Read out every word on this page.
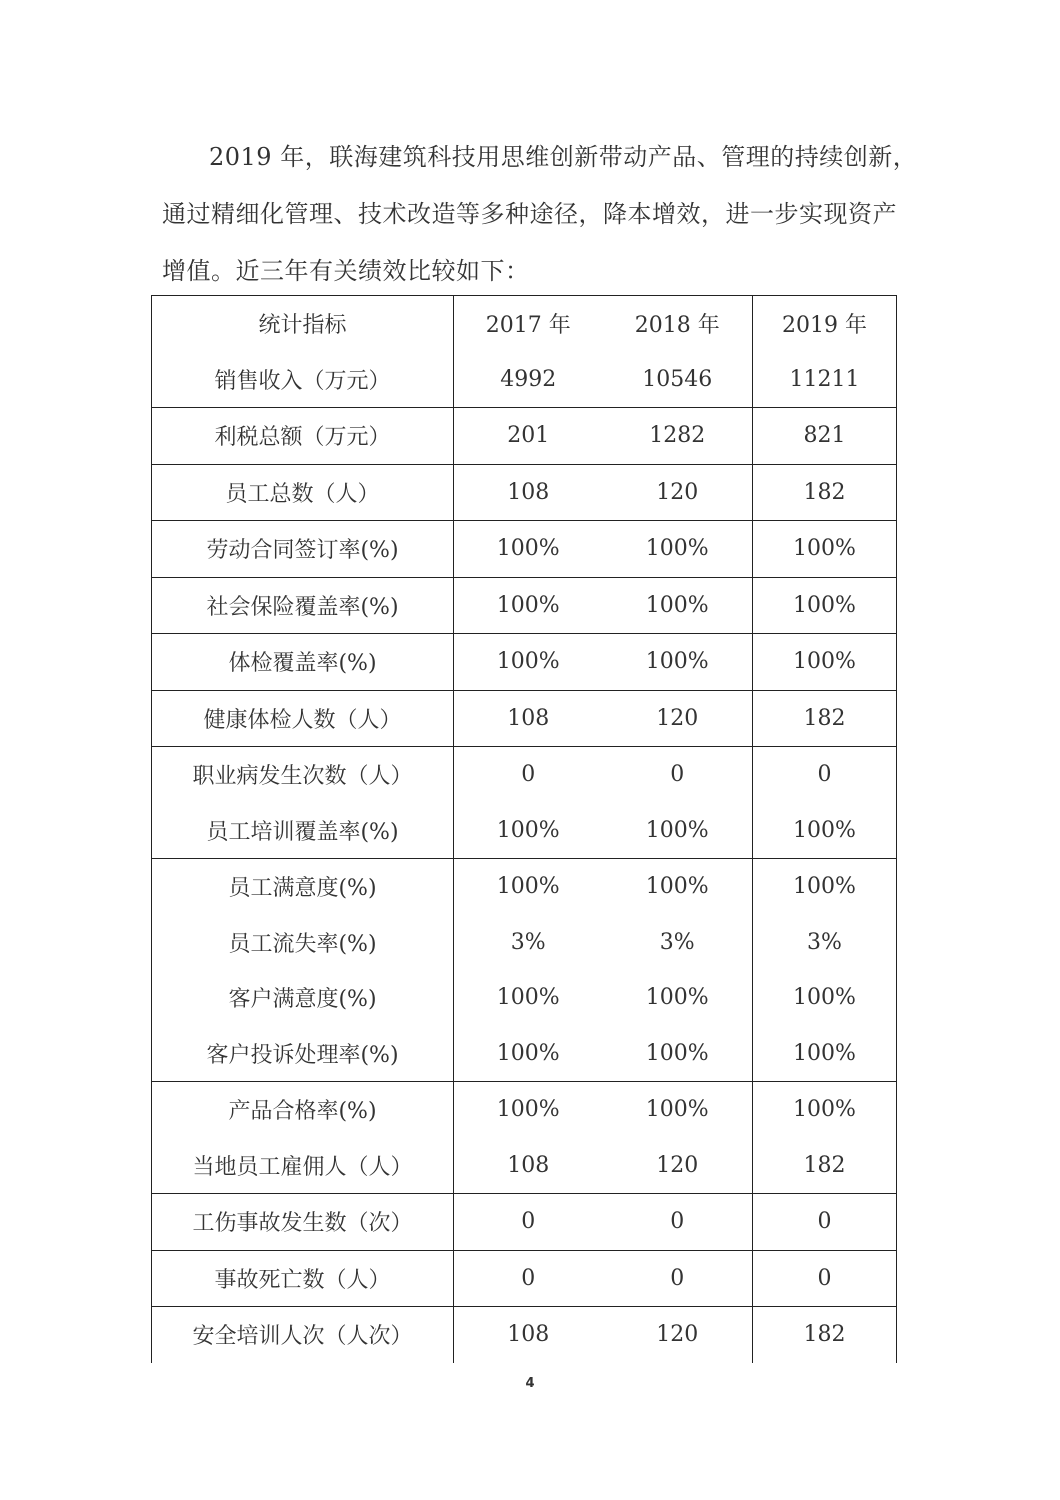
2019 年，联海建筑科技用思维创新带动产品、管理的持续创新，
通过精细化管理、技术改造等多种途径，降本增效，进一步实现资产
增值。近三年有关绩效比较如下：
统计指标	2017 年	2018 年	2019 年
销售收入（万元）	4992	10546	11211
利税总额（万元）	201	1282	821
员工总数（人）	108	120	182
劳动合同签订率(%)	100%	100%	100%
社会保险覆盖率(%)	100%	100%	100%
体检覆盖率(%)	100%	100%	100%
健康体检人数（人）	108	120	182
职业病发生次数（人）	0	0	0
员工培训覆盖率(%)	100%	100%	100%
员工满意度(%)	100%	100%	100%
员工流失率(%)	3%	3%	3%
客户满意度(%)	100%	100%	100%
客户投诉处理率(%)	100%	100%	100%
产品合格率(%)	100%	100%	100%
当地员工雇佣人（人）	108	120	182
工伤事故发生数（次）	0	0	0
事故死亡数（人）	0	0	0
安全培训人次（人次）	108	120	182
4
